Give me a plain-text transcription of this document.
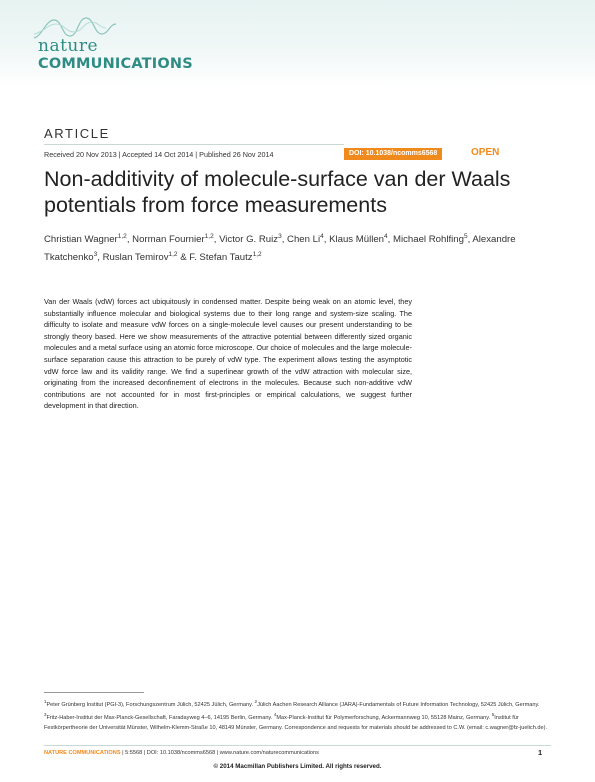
nature
COMMUNICATIONS
ARTICLE
Received 20 Nov 2013 | Accepted 14 Oct 2014 | Published 26 Nov 2014	DOI: 10.1038/ncomms6568	OPEN
Non-additivity of molecule-surface van der Waals potentials from force measurements
Christian Wagner$^{1,2}$, Norman Fournier$^{1,2}$, Victor G. Ruiz$^3$, Chen Li$^4$, Klaus Müllen$^4$, Michael Rohlfing$^5$, Alexandre Tkatchenko$^3$, Ruslan Temirov$^{1,2}$ & F. Stefan Tautz$^{1,2}$
Van der Waals (vdW) forces act ubiquitously in condensed matter. Despite being weak on an atomic level, they substantially influence molecular and biological systems due to their long range and system-size scaling. The difficulty to isolate and measure vdW forces on a single-molecule level causes our present understanding to be strongly theory based. Here we show measurements of the attractive potential between differently sized organic molecules and a metal surface using an atomic force microscope. Our choice of molecules and the large molecule-surface separation cause this attraction to be purely of vdW type. The experiment allows testing the asymptotic vdW force law and its validity range. We find a superlinear growth of the vdW attraction with molecular size, originating from the increased deconfinement of electrons in the molecules. Because such non-additive vdW contributions are not accounted for in most first-principles or empirical calculations, we suggest further development in that direction.
$^1$Peter Grünberg Institut (PGI-3), Forschungszentrum Jülich, 52425 Jülich, Germany. $^2$Jülich Aachen Research Alliance (JARA)-Fundamentals of Future Information Technology, 52425 Jülich, Germany. $^3$Fritz-Haber-Institut der Max-Planck-Gesellschaft, Faradayweg 4–6, 14195 Berlin, Germany. $^4$Max-Planck-Institut für Polymerforschung, Ackermannweg 10, 55128 Mainz, Germany. $^5$Institut für Festkörpertheorie der Universität Münster, Wilhelm-Klemm-Straße 10, 48149 Münster, Germany. Correspondence and requests for materials should be addressed to C.W. (email: c.wagner@fz-juelich.de).
NATURE COMMUNICATIONS | 5:5568 | DOI: 10.1038/ncomms6568 | www.nature.com/naturecommunications	1
© 2014 Macmillan Publishers Limited. All rights reserved.
